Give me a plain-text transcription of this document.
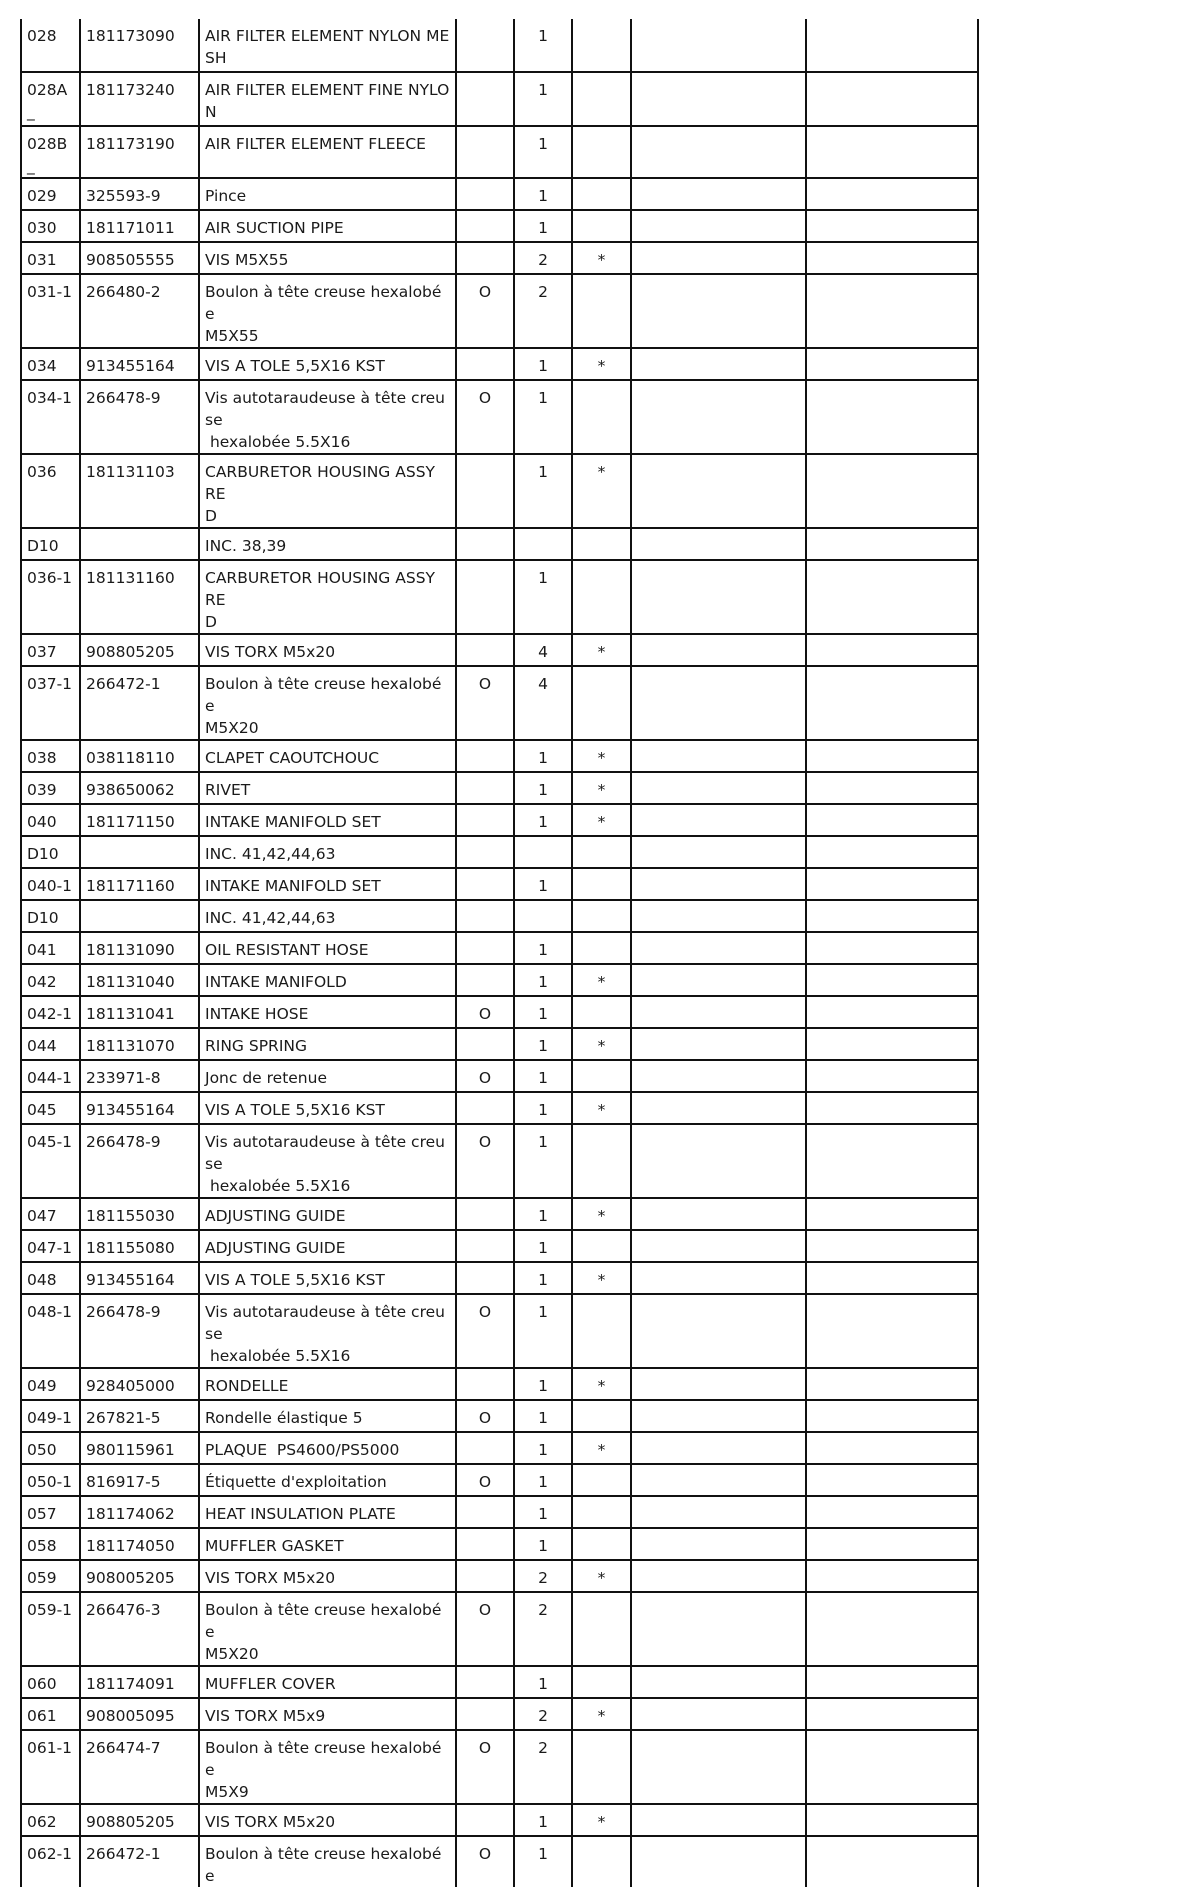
028	181173090	AIR FILTER ELEMENT NYLON ME
SH		1			
028A_	181173240	AIR FILTER ELEMENT FINE NYLO
N		1			
028B_	181173190	AIR FILTER ELEMENT FLEECE		1			
029	325593-9	Pince		1			
030	181171011	AIR SUCTION PIPE		1			
031	908505555	VIS M5X55		2	*		
031-1	266480-2	Boulon à tête creuse hexalobée
M5X55	O	2			
034	913455164	VIS A TOLE 5,5X16 KST		1	*		
034-1	266478-9	Vis autotaraudeuse à tête creuse
hexalobée 5.5X16	O	1			
036	181131103	CARBURETOR HOUSING ASSY RE
D		1	*		
D10		INC. 38,39					
036-1	181131160	CARBURETOR HOUSING ASSY RE
D		1			
037	908805205	VIS TORX M5x20		4	*		
037-1	266472-1	Boulon à tête creuse hexalobée
M5X20	O	4			
038	038118110	CLAPET CAOUTCHOUC		1	*		
039	938650062	RIVET		1	*		
040	181171150	INTAKE MANIFOLD SET		1	*		
D10		INC. 41,42,44,63					
040-1	181171160	INTAKE MANIFOLD SET		1			
D10		INC. 41,42,44,63					
041	181131090	OIL RESISTANT HOSE		1			
042	181131040	INTAKE MANIFOLD		1	*		
042-1	181131041	INTAKE HOSE	O	1			
044	181131070	RING SPRING		1	*		
044-1	233971-8	Jonc de retenue	O	1			
045	913455164	VIS A TOLE 5,5X16 KST		1	*		
045-1	266478-9	Vis autotaraudeuse à tête creuse
hexalobée 5.5X16	O	1			
047	181155030	ADJUSTING GUIDE		1	*		
047-1	181155080	ADJUSTING GUIDE		1			
048	913455164	VIS A TOLE 5,5X16 KST		1	*		
048-1	266478-9	Vis autotaraudeuse à tête creuse
hexalobée 5.5X16	O	1			
049	928405000	RONDELLE		1	*		
049-1	267821-5	Rondelle élastique 5	O	1			
050	980115961	PLAQUE  PS4600/PS5000		1	*		
050-1	816917-5	Étiquette d'exploitation	O	1			
057	181174062	HEAT INSULATION PLATE		1			
058	181174050	MUFFLER GASKET		1			
059	908005205	VIS TORX M5x20		2	*		
059-1	266476-3	Boulon à tête creuse hexalobée
M5X20	O	2			
060	181174091	MUFFLER COVER		1			
061	908005095	VIS TORX M5x9		2	*		
061-1	266474-7	Boulon à tête creuse hexalobée
M5X9	O	2			
062	908805205	VIS TORX M5x20		1	*		
062-1	266472-1	Boulon à tête creuse hexalobée	O	1			
